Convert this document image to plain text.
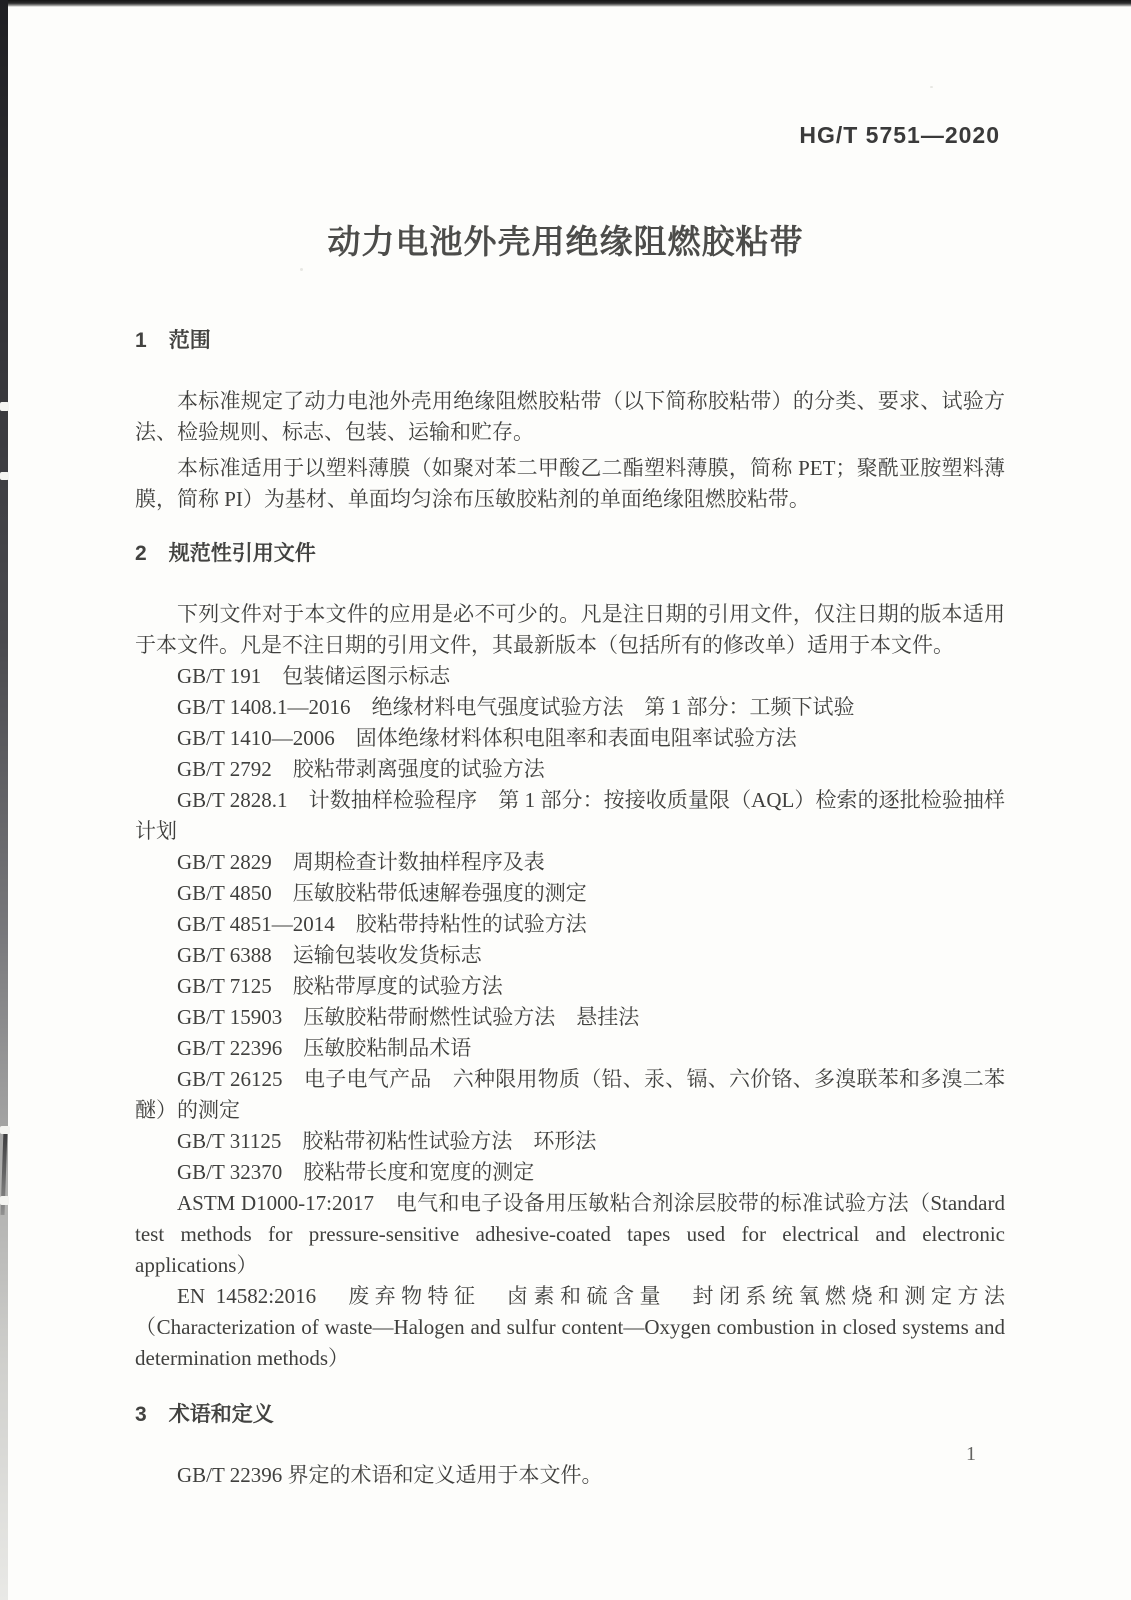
HG/T 5751—2020
动力电池外壳用绝缘阻燃胶粘带
1 范围

本标准规定了动力电池外壳用绝缘阻燃胶粘带（以下简称胶粘带）的分类、要求、试验方法、检验规则、标志、包装、运输和贮存。

本标准适用于以塑料薄膜（如聚对苯二甲酸乙二酯塑料薄膜，简称 PET；聚酰亚胺塑料薄膜，简称 PI）为基材、单面均匀涂布压敏胶粘剂的单面绝缘阻燃胶粘带。

2 规范性引用文件

下列文件对于本文件的应用是必不可少的。凡是注日期的引用文件，仅注日期的版本适用于本文件。凡是不注日期的引用文件，其最新版本（包括所有的修改单）适用于本文件。

GB/T 191　包装储运图示标志

GB/T 1408.1—2016　绝缘材料电气强度试验方法　第 1 部分：工频下试验

GB/T 1410—2006　固体绝缘材料体积电阻率和表面电阻率试验方法

GB/T 2792　胶粘带剥离强度的试验方法

GB/T 2828.1　计数抽样检验程序　第 1 部分：按接收质量限（AQL）检索的逐批检验抽样计划

GB/T 2829　周期检查计数抽样程序及表

GB/T 4850　压敏胶粘带低速解卷强度的测定

GB/T 4851—2014　胶粘带持粘性的试验方法

GB/T 6388　运输包装收发货标志

GB/T 7125　胶粘带厚度的试验方法

GB/T 15903　压敏胶粘带耐燃性试验方法　悬挂法

GB/T 22396　压敏胶粘制品术语

GB/T 26125　电子电气产品　六种限用物质（铅、汞、镉、六价铬、多溴联苯和多溴二苯醚）的测定

GB/T 31125　胶粘带初粘性试验方法　环形法

GB/T 32370　胶粘带长度和宽度的测定

ASTM D1000-17:2017　电气和电子设备用压敏粘合剂涂层胶带的标准试验方法（Standard test methods for pressure-sensitive adhesive-coated tapes used for electrical and electronic applications）

EN 14582:2016　废弃物特征　卤素和硫含量　封闭系统氧燃烧和测定方法（Characterization of waste—Halogen and sulfur content—Oxygen combustion in closed systems and determination methods）

3 术语和定义

GB/T 22396 界定的术语和定义适用于本文件。

1
